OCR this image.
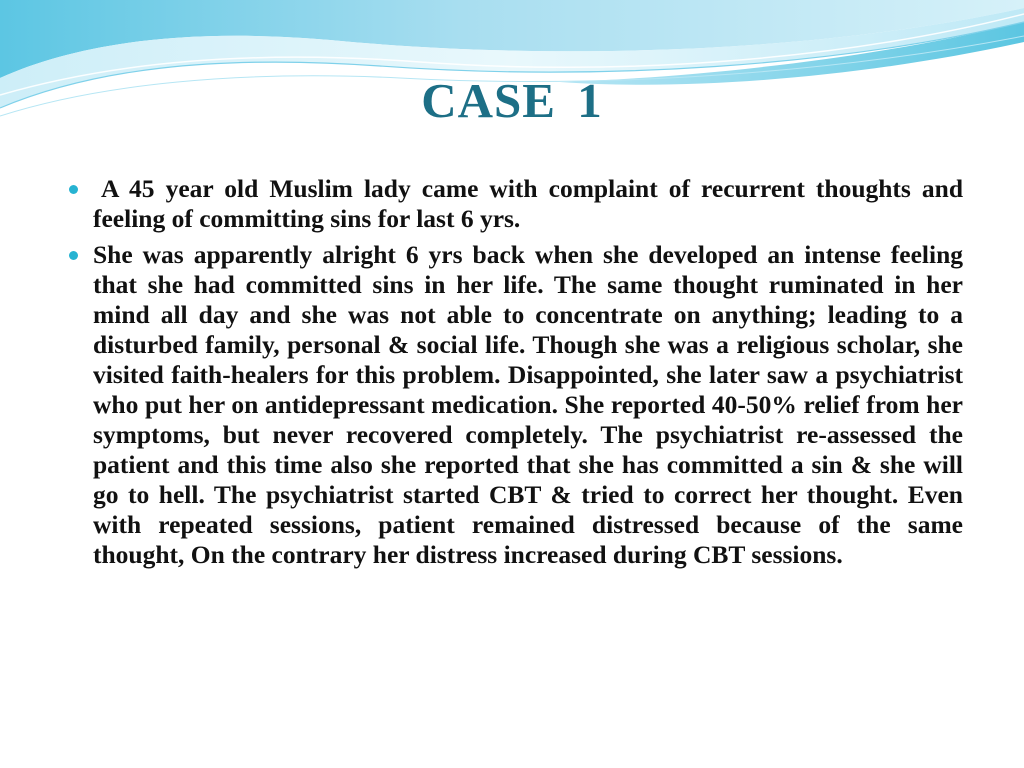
CASE 1
A 45 year old Muslim lady came with complaint of recurrent thoughts and feeling of committing sins for last 6 yrs.
She was apparently alright 6 yrs back when she developed an intense feeling that she had committed sins in her life. The same thought ruminated in her mind all day and she was not able to concentrate on anything; leading to a disturbed family, personal & social life. Though she was a religious scholar, she visited faith-healers for this problem. Disappointed, she later saw a psychiatrist who put her on antidepressant medication. She reported 40-50% relief from her symptoms, but never recovered completely. The psychiatrist re-assessed the patient and this time also she reported that she has committed a sin & she will go to hell. The psychiatrist started CBT & tried to correct her thought. Even with repeated sessions, patient remained distressed because of the same thought, On the contrary her distress increased during CBT sessions.
